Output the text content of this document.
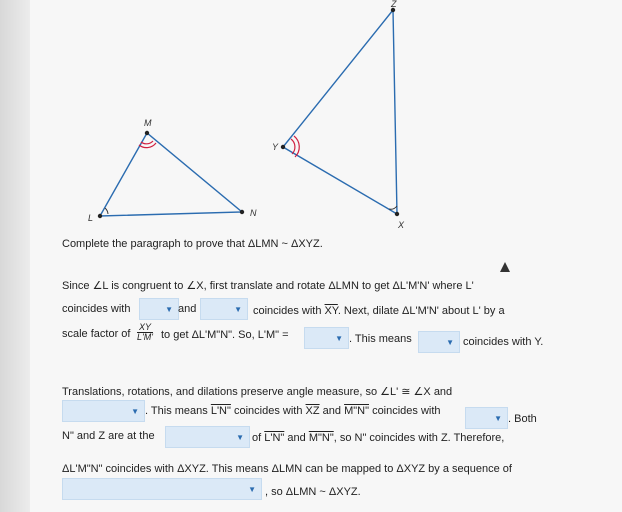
L
M
N
Y
Z
X
Complete the paragraph to prove that ΔLMN ~ ΔXYZ.
Since ∠L is congruent to ∠X, first translate and rotate ΔLMN to get ΔL'M'N' where L'
coincides with	▼ and	▼ coincides with $\overline{XY}$. Next, dilate ΔL'M'N' about L' by a
scale factor of $\frac{XY}{L'M'}$ to get ΔL'M"N". So, L'M" =	▼ . This means	▼ coincides with Y.
Translations, rotations, and dilations preserve angle measure, so ∠L' ≅ ∠X and
▼ . This means L'N" coincides with $\overline{XZ}$ and M"N" coincides with
▼ . Both
N" and Z are at the	▼ of L'N" and M"N", so N" coincides with Z. Therefore,
ΔL'M"N" coincides with ΔXYZ. This means ΔLMN can be mapped to ΔXYZ by a sequence of
▼ , so ΔLMN ~ ΔXYZ.
